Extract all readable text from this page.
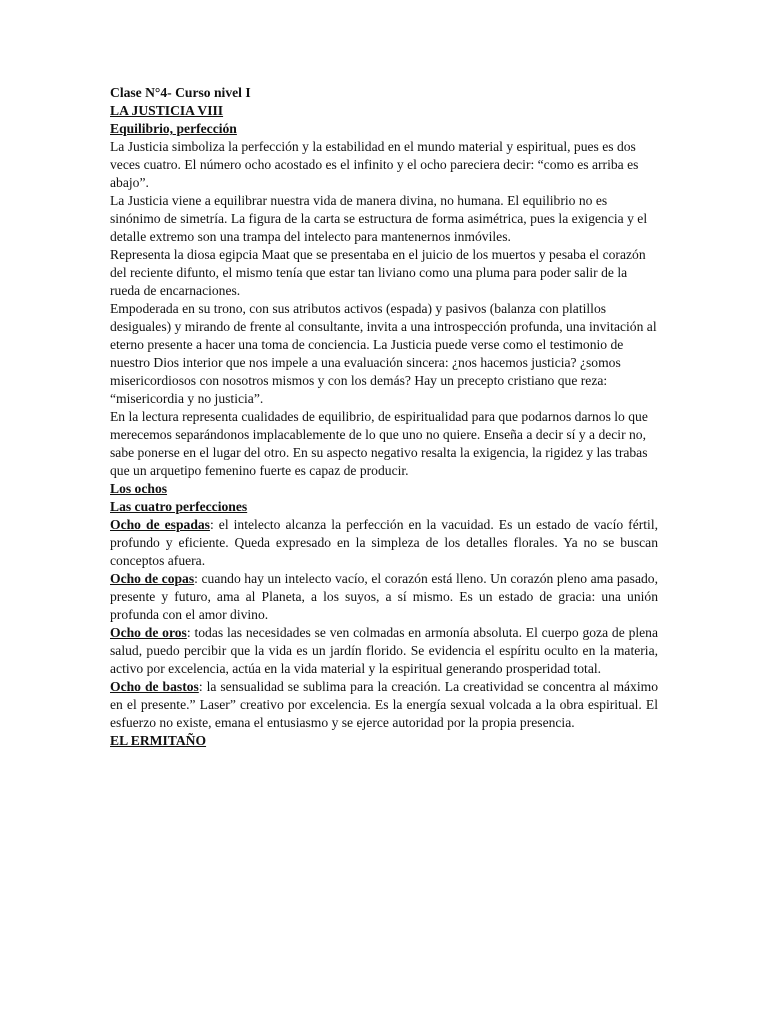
Clase N°4- Curso nivel I

LA JUSTICIA VIII

Equilibrio, perfección

La Justicia simboliza la perfección y la estabilidad en el mundo material y espiritual, pues es dos veces cuatro. El número ocho acostado es el infinito y el ocho pareciera decir: “como es arriba es abajo”.

La Justicia viene a equilibrar nuestra vida de manera divina, no humana. El equilibrio no es sinónimo de simetría. La figura de la carta se estructura de forma asimétrica, pues la exigencia y el detalle extremo son una trampa del intelecto para mantenernos inmóviles.

Representa la diosa egipcia Maat que se presentaba en el juicio de los muertos y pesaba el corazón del reciente difunto, el mismo tenía que estar tan liviano como una pluma para poder salir de la rueda de encarnaciones.

Empoderada en su trono, con sus atributos activos (espada) y pasivos (balanza con platillos desiguales) y mirando de frente al consultante, invita a una introspección profunda, una invitación al eterno presente a hacer una toma de conciencia. La Justicia puede verse como el testimonio de nuestro Dios interior que nos impele a una evaluación sincera: ¿nos hacemos justicia? ¿somos misericordiosos con nosotros mismos y con los demás? Hay un precepto cristiano que reza: “misericordia y no justicia”.

En la lectura representa cualidades de equilibrio, de espiritualidad para que podarnos darnos lo que merecemos separándonos implacablemente de lo que uno no quiere. Enseña a decir sí y a decir no, sabe ponerse en el lugar del otro. En su aspecto negativo resalta la exigencia, la rigidez y las trabas que un arquetipo femenino fuerte es capaz de producir.

Los ochos

Las cuatro perfecciones

Ocho de espadas: el intelecto alcanza la perfección en la vacuidad. Es un estado de vacío fértil, profundo y eficiente. Queda expresado en la simpleza de los detalles florales. Ya no se buscan conceptos afuera.

Ocho de copas: cuando hay un intelecto vacío, el corazón está lleno. Un corazón pleno ama pasado, presente y futuro, ama al Planeta, a los suyos, a sí mismo. Es un estado de gracia: una unión profunda con el amor divino.

Ocho de oros: todas las necesidades se ven colmadas en armonía absoluta. El cuerpo goza de plena salud, puedo percibir que la vida es un jardín florido. Se evidencia el espíritu oculto en la materia, activo por excelencia, actúa en la vida material y la espiritual generando prosperidad total.

Ocho de bastos: la sensualidad se sublima para la creación. La creatividad se concentra al máximo en el presente.” Laser” creativo por excelencia. Es la energía sexual volcada a la obra espiritual. El esfuerzo no existe, emana el entusiasmo y se ejerce autoridad por la propia presencia.

EL ERMITAÑO
